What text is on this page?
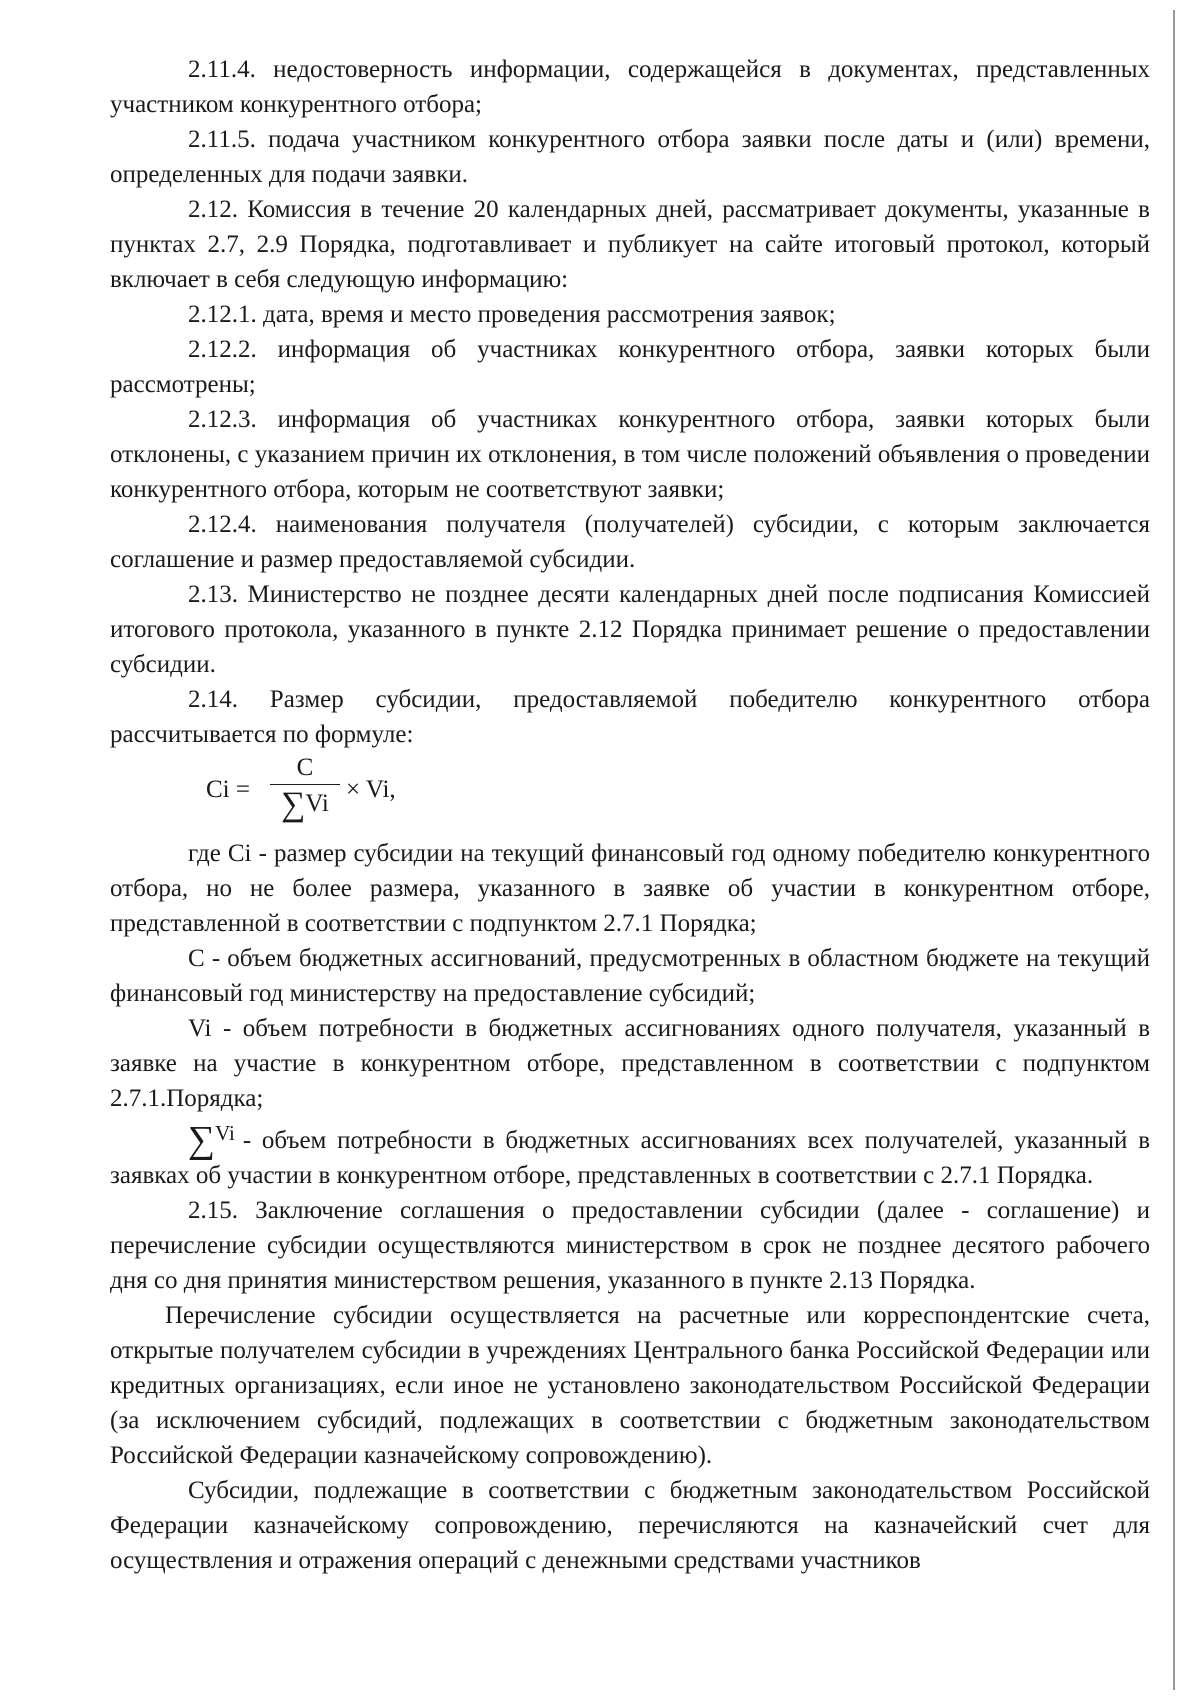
2.11.4. недостоверность информации, содержащейся в документах, представленных участником конкурентного отбора;

2.11.5. подача участником конкурентного отбора заявки после даты и (или) времени, определенных для подачи заявки.

2.12. Комиссия в течение 20 календарных дней, рассматривает документы, указанные в пунктах 2.7, 2.9 Порядка, подготавливает и публикует на сайте итоговый протокол, который включает в себя следующую информацию:

2.12.1. дата, время и место проведения рассмотрения заявок;

2.12.2. информация об участниках конкурентного отбора, заявки которых были рассмотрены;

2.12.3. информация об участниках конкурентного отбора, заявки которых были отклонены, с указанием причин их отклонения, в том числе положений объявления о проведении конкурентного отбора, которым не соответствуют заявки;

2.12.4. наименования получателя (получателей) субсидии, с которым заключается соглашение и размер предоставляемой субсидии.

2.13. Министерство не позднее десяти календарных дней после подписания Комиссией итогового протокола, указанного в пункте 2.12 Порядка принимает решение о предоставлении субсидии.

2.14. Размер субсидии, предоставляемой победителю конкурентного отбора рассчитывается по формуле:

Ci =
C
∑Vi
× Vi,

где Ci - размер субсидии на текущий финансовый год одному победителю конкурентного отбора, но не более размера, указанного в заявке об участии в конкурентном отборе, представленной в соответствии с подпунктом 2.7.1 Порядка;

C - объем бюджетных ассигнований, предусмотренных в областном бюджете на текущий финансовый год министерству на предоставление субсидий;

Vi - объем потребности в бюджетных ассигнованиях одного получателя, указанный в заявке на участие в конкурентном отборе, представленном в соответствии с подпунктом 2.7.1.Порядка;

∑$^{Vi}$ - объем потребности в бюджетных ассигнованиях всех получателей, указанный в заявках об участии в конкурентном отборе, представленных в соответствии с 2.7.1 Порядка.

2.15. Заключение соглашения о предоставлении субсидии (далее - соглашение) и перечисление субсидии осуществляются министерством в срок не позднее десятого рабочего дня со дня принятия министерством решения, указанного в пункте 2.13 Порядка.

Перечисление субсидии осуществляется на расчетные или корреспондентские счета, открытые получателем субсидии в учреждениях Центрального банка Российской Федерации или кредитных организациях, если иное не установлено законодательством Российской Федерации (за исключением субсидий, подлежащих в соответствии с бюджетным законодательством Российской Федерации казначейскому сопровождению).

Субсидии, подлежащие в соответствии с бюджетным законодательством Российской Федерации казначейскому сопровождению, перечисляются на казначейский счет для осуществления и отражения операций с денежными средствами участников
